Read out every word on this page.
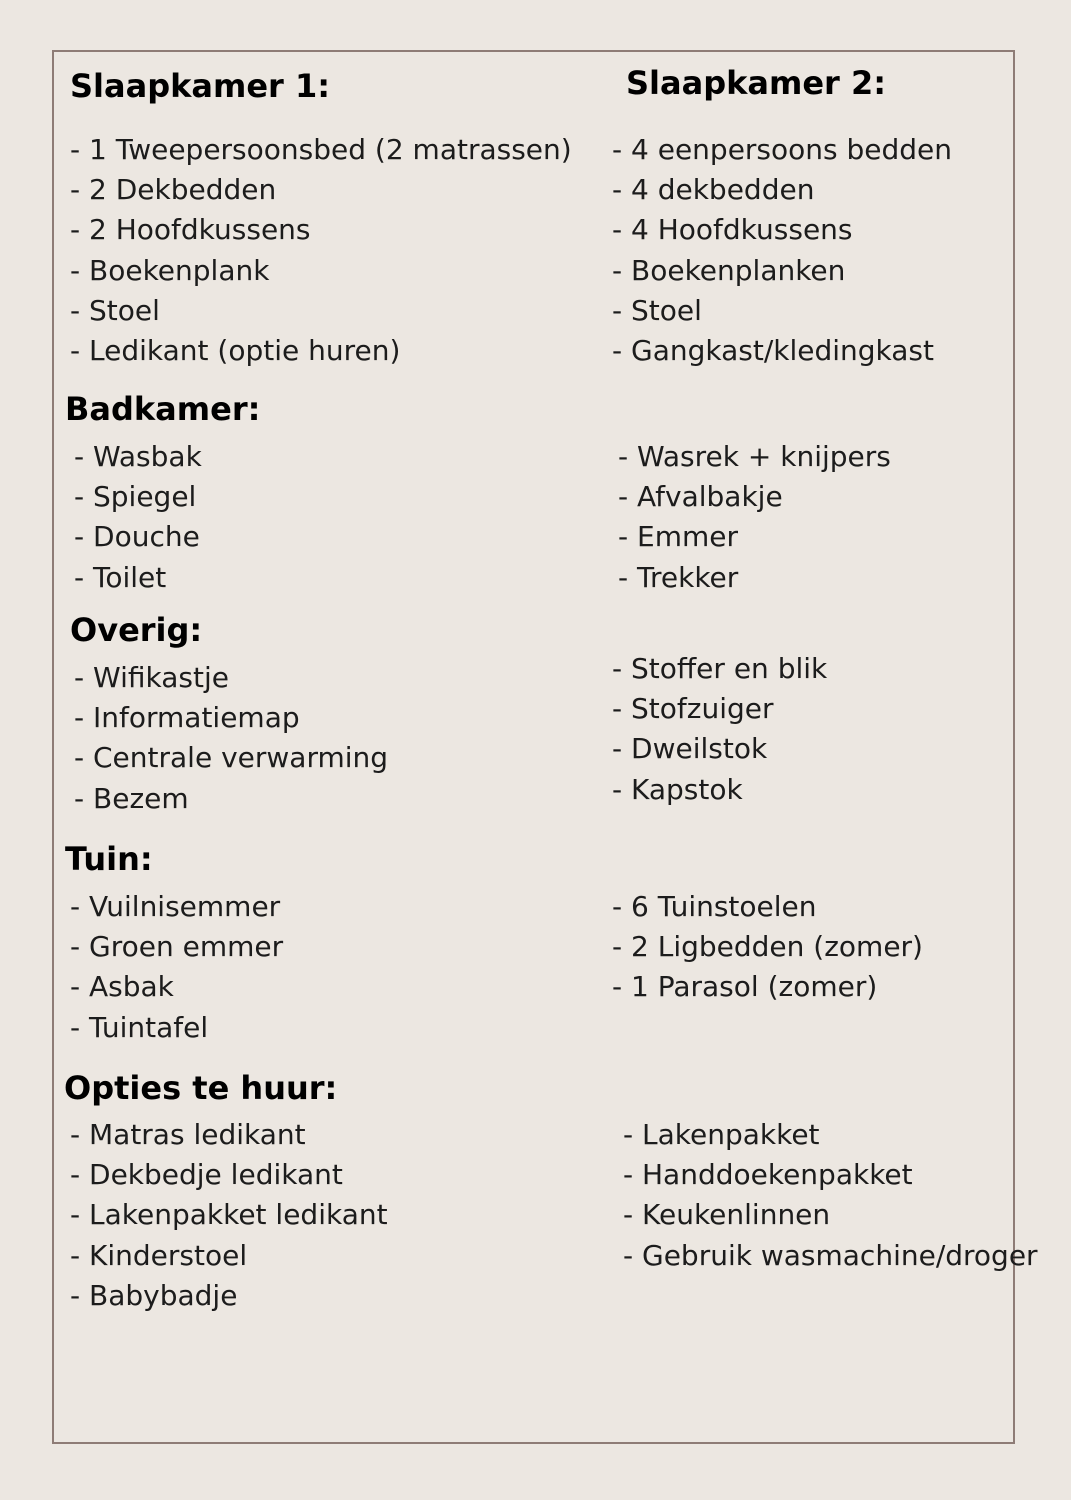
Slaapkamer 1:
- 1 Tweepersoonsbed (2 matrassen)
- 2 Dekbedden
- 2 Hoofdkussens
- Boekenplank
- Stoel
- Ledikant (optie huren)
Slaapkamer 2:
- 4 eenpersoons bedden
- 4 dekbedden
- 4 Hoofdkussens
- Boekenplanken
- Stoel
- Gangkast/kledingkast
Badkamer:
- Wasbak
- Spiegel
- Douche
- Toilet
- Wasrek + knijpers
- Afvalbakje
- Emmer
- Trekker
Overig:
- Wifikastje
- Informatiemap
- Centrale verwarming
- Bezem
- Stoffer en blik
- Stofzuiger
- Dweilstok
- Kapstok
Tuin:
- Vuilnisemmer
- Groen emmer
- Asbak
- Tuintafel
- 6 Tuinstoelen
- 2 Ligbedden (zomer)
- 1 Parasol (zomer)
Opties te huur:
- Matras ledikant
- Dekbedje ledikant
- Lakenpakket ledikant
- Kinderstoel
- Babybadje
- Lakenpakket
- Handdoekenpakket
- Keukenlinnen
- Gebruik wasmachine/droger
